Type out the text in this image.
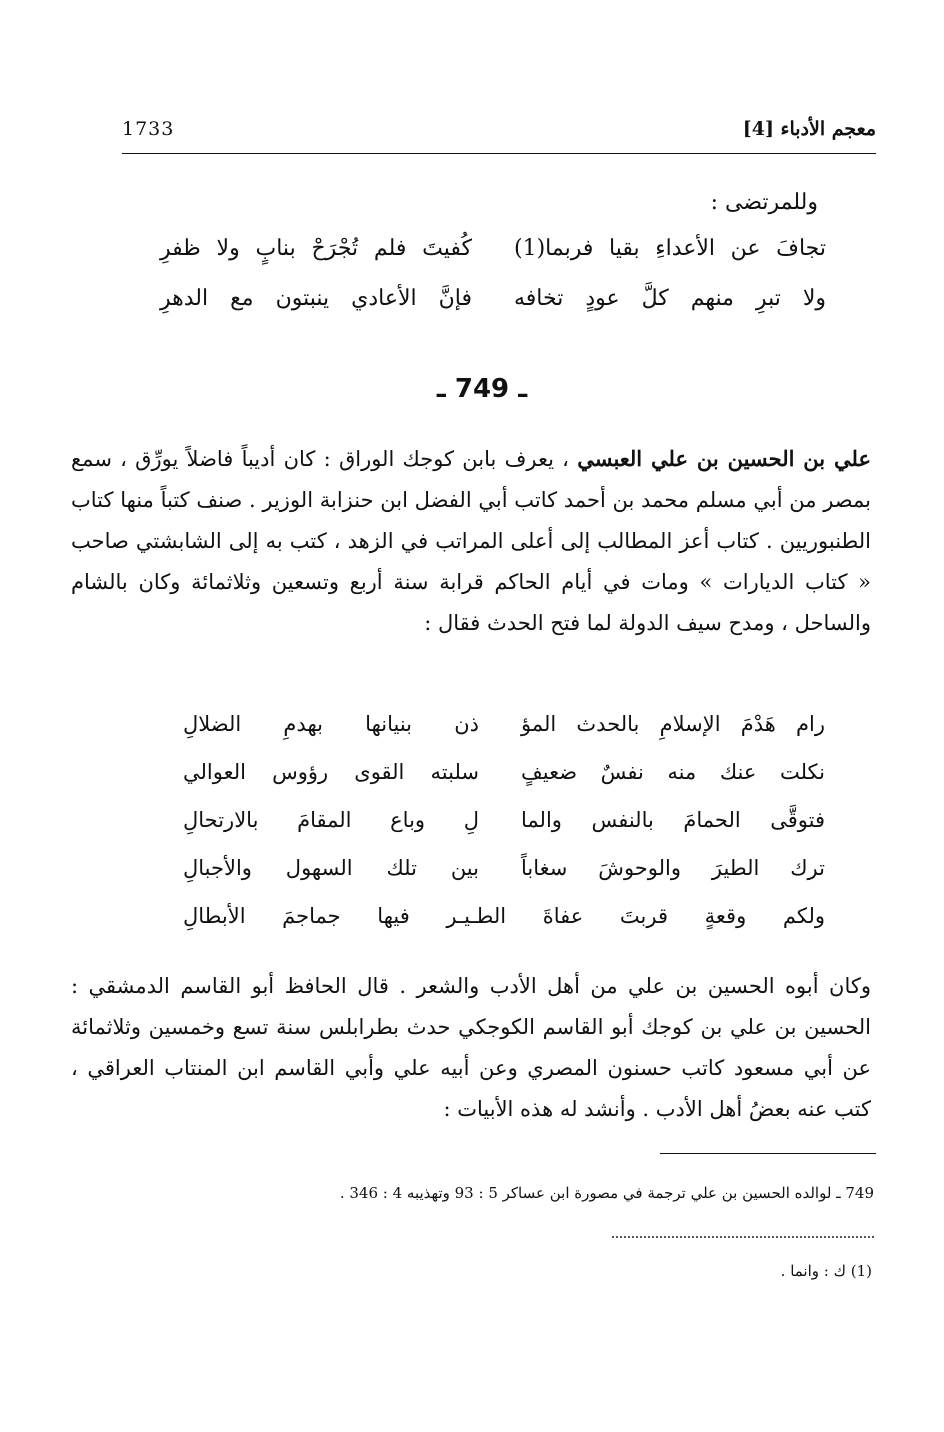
معجم الأدباء [4]
1733
وللمرتضى :
تجافَ عن الأعداءِ بقيا فربما(1)
كُفيتَ فلم تُجْرَحْ بنابٍ ولا ظفرِ
ولا تبرِ منهم كلَّ عودٍ تخافه
فإنَّ الأعادي ينبتون مع الدهرِ
ـ 749 ـ
علي بن الحسين بن علي العبسي ، يعرف بابن كوجك الوراق : كان أديباً فاضلاً يورِّق ، سمع بمصر من أبي مسلم محمد بن أحمد كاتب أبي الفضل ابن حنزابة الوزير . صنف كتباً منها كتاب الطنبوريين . كتاب أعز المطالب إلى أعلى المراتب في الزهد ، كتب به إلى الشابشتي صاحب « كتاب الديارات » ومات في أيام الحاكم قرابة سنة أربع وتسعين وثلاثمائة وكان بالشام والساحل ، ومدح سيف الدولة لما فتح الحدث فقال :
رام هَدْمَ الإسلامِ بالحدث المؤ
ذن بنيانها بهدمِ الضلالِ
نكلت عنك منه نفسٌ ضعيفٍ
سلبته القوى رؤوس العوالي
فتوقَّى الحمامَ بالنفس والما
لِ وباع المقامَ بالارتحالِ
ترك الطيرَ والوحوشَ سغاباً
بين تلك السهول والأجبالِ
ولكم وقعةٍ قربتَ عفاةَ الطـيـر فيها جماجمَ الأبطالِ
وكان أبوه الحسين بن علي من أهل الأدب والشعر . قال الحافظ أبو القاسم الدمشقي : الحسين بن علي بن كوجك أبو القاسم الكوجكي حدث بطرابلس سنة تسع وخمسين وثلاثمائة عن أبي مسعود كاتب حسنون المصري وعن أبيه علي وأبي القاسم ابن المنتاب العراقي ، كتب عنه بعضُ أهل الأدب . وأنشد له هذه الأبيات :
749 ـ لوالده الحسين بن علي ترجمة في مصورة ابن عساكر 5 : 93 وتهذيبه 4 : 346 .
(1) ك : وانما .
